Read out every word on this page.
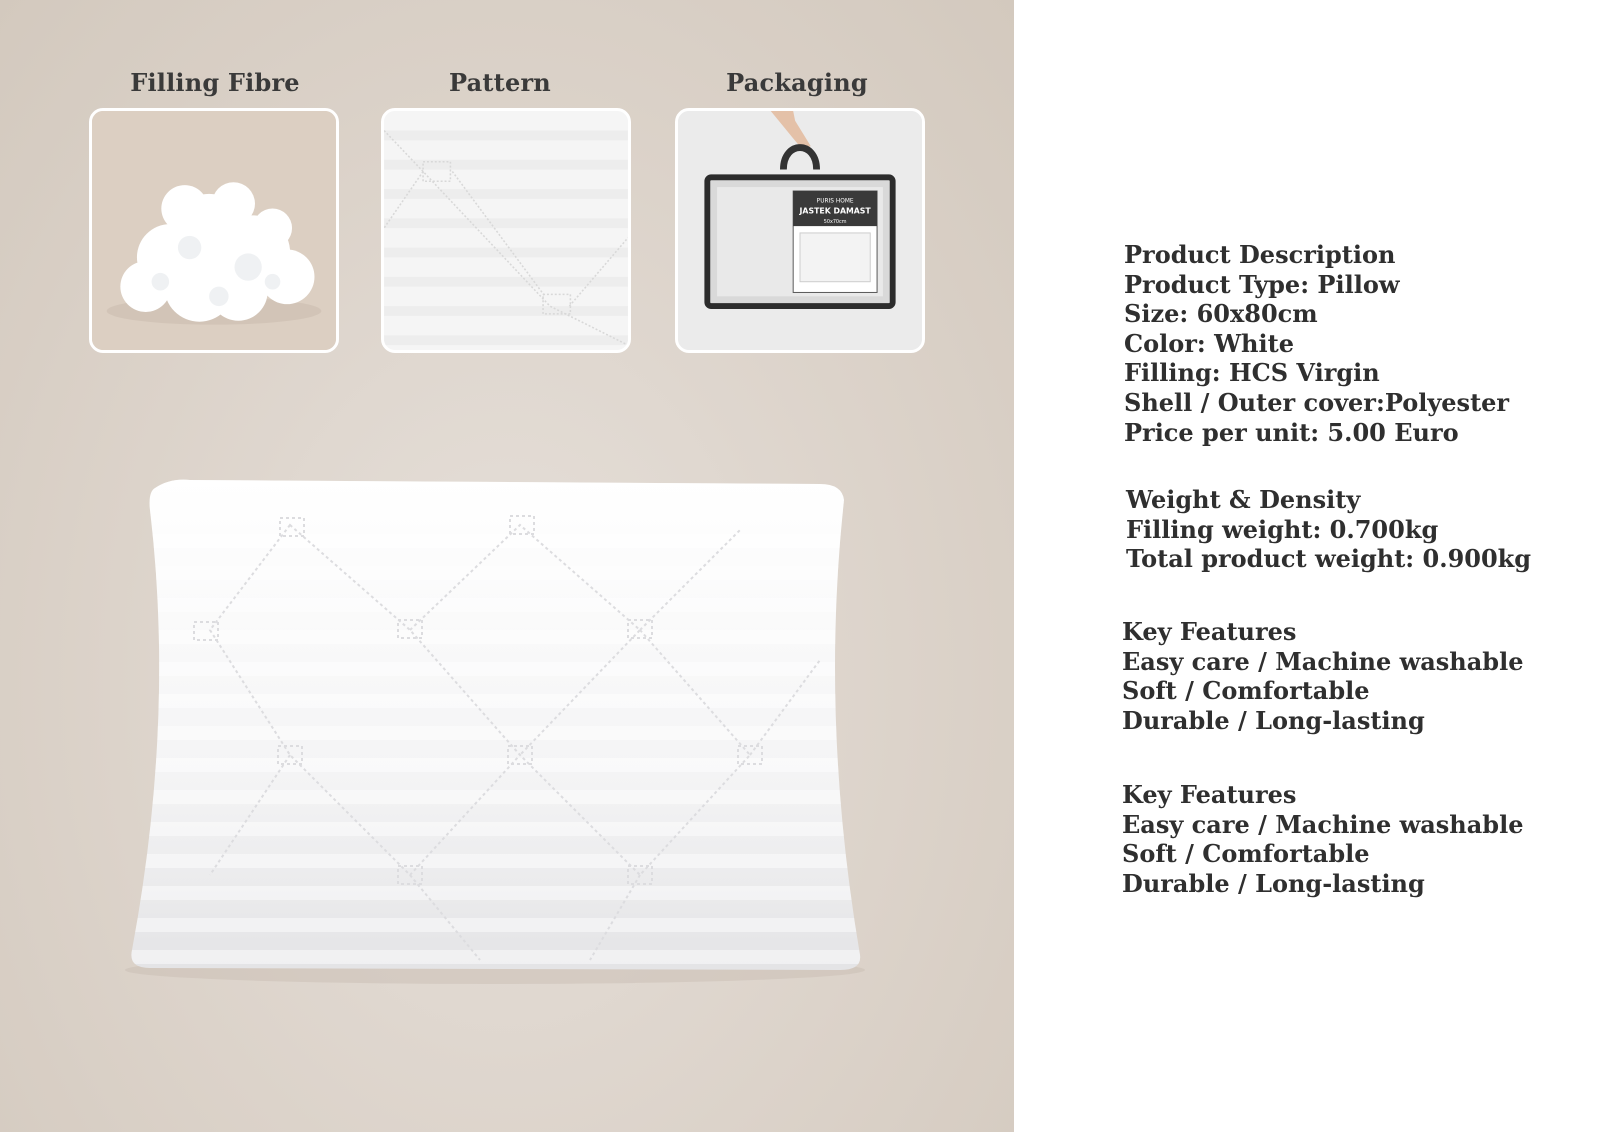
Filling Fibre	Pattern	Packaging
PURIS HOME
JASTEK DAMAST
50x70cm
Product Description
Product Type: Pillow
Size: 60x80cm
Color: White
Filling: HCS Virgin
Shell / Outer cover:Polyester
Price per unit: 5.00 Euro
Weight & Density
Filling weight: 0.700kg
Total product weight: 0.900kg
Key Features
Easy care / Machine washable
Soft / Comfortable
Durable / Long-lasting
Key Features
Easy care / Machine washable
Soft / Comfortable
Durable / Long-lasting
